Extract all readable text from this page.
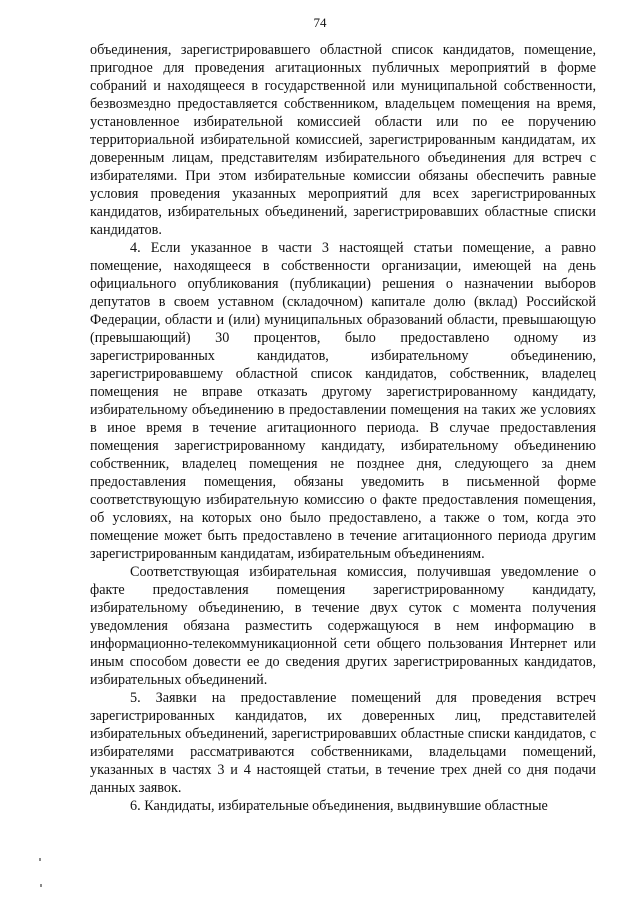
74

объединения, зарегистрировавшего областной список кандидатов, помещение, пригодное для проведения агитационных публичных мероприятий в форме собраний и находящееся в государственной или муниципальной собственности, безвозмездно предоставляется собственником, владельцем помещения на время, установленное избирательной комиссией области или по ее поручению территориальной избирательной комиссией, зарегистрированным кандидатам, их доверенным лицам, представителям избирательного объединения для встреч с избирателями. При этом избирательные комиссии обязаны обеспечить равные условия проведения указанных мероприятий для всех зарегистрированных кандидатов, избирательных объединений, зарегистрировавших областные списки кандидатов.

4. Если указанное в части 3 настоящей статьи помещение, а равно помещение, находящееся в собственности организации, имеющей на день официального опубликования (публикации) решения о назначении выборов депутатов в своем уставном (складочном) капитале долю (вклад) Российской Федерации, области и (или) муниципальных образований области, превышающую (превышающий) 30 процентов, было предоставлено одному из зарегистрированных кандидатов, избирательному объединению, зарегистрировавшему областной список кандидатов, собственник, владелец помещения не вправе отказать другому зарегистрированному кандидату, избирательному объединению в предоставлении помещения на таких же условиях в иное время в течение агитационного периода. В случае предоставления помещения зарегистрированному кандидату, избирательному объединению собственник, владелец помещения не позднее дня, следующего за днем предоставления помещения, обязаны уведомить в письменной форме соответствующую избирательную комиссию о факте предоставления помещения, об условиях, на которых оно было предоставлено, а также о том, когда это помещение может быть предоставлено в течение агитационного периода другим зарегистрированным кандидатам, избирательным объединениям.

Соответствующая избирательная комиссия, получившая уведомление о факте предоставления помещения зарегистрированному кандидату, избирательному объединению, в течение двух суток с момента получения уведомления обязана разместить содержащуюся в нем информацию в информационно-телекоммуникационной сети общего пользования Интернет или иным способом довести ее до сведения других зарегистрированных кандидатов, избирательных объединений.

5. Заявки на предоставление помещений для проведения встреч зарегистрированных кандидатов, их доверенных лиц, представителей избирательных объединений, зарегистрировавших областные списки кандидатов, с избирателями рассматриваются собственниками, владельцами помещений, указанных в частях 3 и 4 настоящей статьи, в течение трех дней со дня подачи данных заявок.

6. Кандидаты, избирательные объединения, выдвинувшие областные
